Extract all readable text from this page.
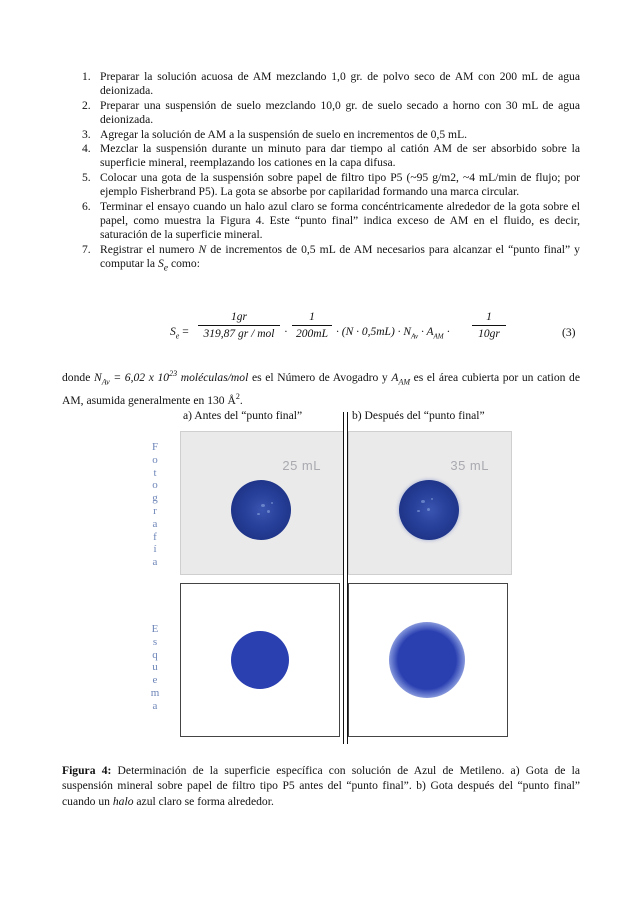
1. Preparar la solución acuosa de AM mezclando 1,0 gr. de polvo seco de AM con 200 mL de agua deionizada.
2. Preparar una suspensión de suelo mezclando 10,0 gr. de suelo secado a horno con 30 mL de agua deionizada.
3. Agregar la solución de AM a la suspensión de suelo en incrementos de 0,5 mL.
4. Mezclar la suspensión durante un minuto para dar tiempo al catión AM de ser absorbido sobre la superficie mineral, reemplazando los cationes en la capa difusa.
5. Colocar una gota de la suspensión sobre papel de filtro tipo P5 (~95 g/m2, ~4 mL/min de flujo; por ejemplo Fisherbrand P5). La gota se absorbe por capilaridad formando una marca circular.
6. Terminar el ensayo cuando un halo azul claro se forma concéntricamente alrededor de la gota sobre el papel, como muestra la Figura 4. Este “punto final” indica exceso de AM en el fluido, es decir, saturación de la superficie mineral.
7. Registrar el numero N de incrementos de 0,5 mL de AM necesarios para alcanzar el “punto final” y computar la $S_e$ como:
$S_e$ =
1gr
319,87 gr / mol ·
1
$200mL \cdot (N \cdot 0,5mL) \cdot N_{Av} \cdot A_{AM}$ ·
1
10gr	(3)

donde $N_{Av} = 6,02$ x $10^{23}$ moléculas/mol es el Número de Avogadro y $A_{AM}$ es el área cubierta por un cation de AM, asumida generalmente en 130 $Å^2$.

a) Antes del “punto final”	b) Después del “punto final”
F
o
t
o
g
r
a
f
í
a
E
s
q
u
e
m
a
25 mL	35 mL

Figura 4: Determinación de la superficie específica con solución de Azul de Metileno. a) Gota de la suspensión mineral sobre papel de filtro tipo P5 antes del “punto final”. b) Gota después del “punto final” cuando un halo azul claro se forma alrededor.
